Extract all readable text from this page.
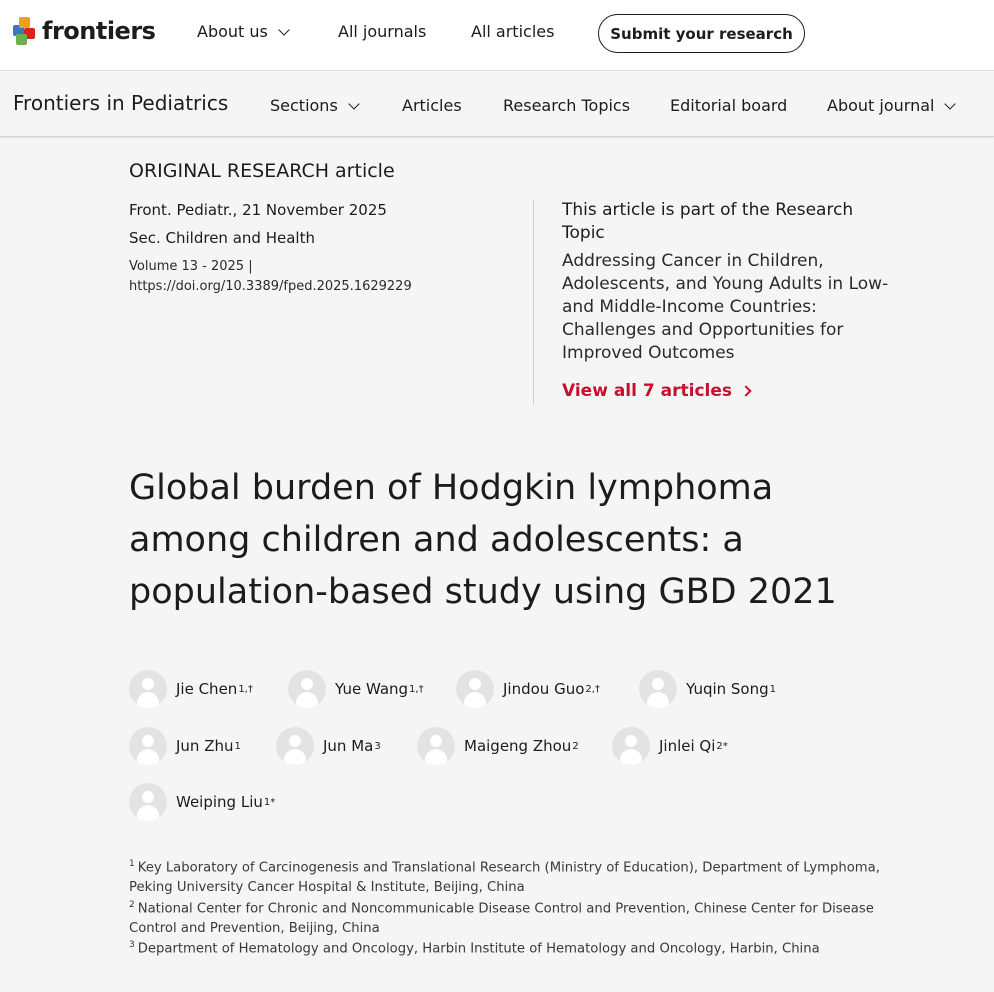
frontiers	About us	All journals	All articles	Submit your research
Frontiers in Pediatrics	Sections	Articles	Research Topics Editorial board About journal
ORIGINAL RESEARCH article
Front. Pediatr., 21 November 2025
Sec. Children and Health
Volume 13 - 2025 |
https://doi.org/10.3389/fped.2025.1629229
This article is part of the Research Topic
Addressing Cancer in Children, Adolescents, and Young Adults in Low- and Middle-Income Countries: Challenges and Opportunities for Improved Outcomes
View all 7 articles
Global burden of Hodgkin lymphoma among children and adolescents: a population-based study using GBD 2021
Jie Chen 1,†	Yue Wang 1,†	Jindou Guo 2,†	Yuqin Song 1
Jun Zhu 1	Jun Ma 3	Maigeng Zhou 2	Jinlei Qi 2*
Weiping Liu 1*
$^1$ Key Laboratory of Carcinogenesis and Translational Research (Ministry of Education), Department of Lymphoma, Peking University Cancer Hospital & Institute, Beijing, China
$^2$ National Center for Chronic and Noncommunicable Disease Control and Prevention, Chinese Center for Disease Control and Prevention, Beijing, China
$^3$ Department of Hematology and Oncology, Harbin Institute of Hematology and Oncology, Harbin, China
